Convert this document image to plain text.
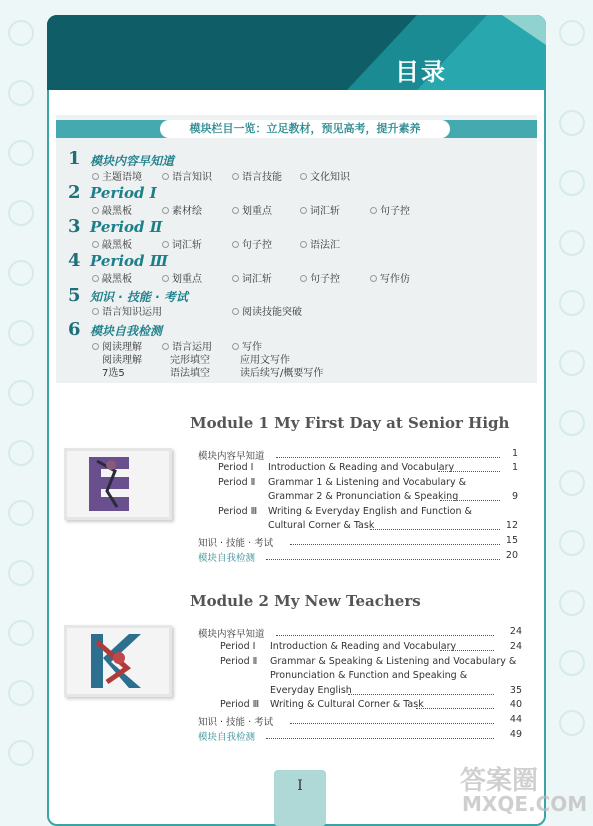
目录
模块栏目一览：立足教材，预见高考，提升素养
1 模块内容早知道
主题语境	语言知识	语言技能	文化知识
2 Period Ⅰ
敲黑板	素材绘	划重点	词汇斩	句子控
3 Period Ⅱ
敲黑板	词汇斩	句子控	语法汇
4 Period Ⅲ
敲黑板	划重点	词汇斩	句子控	写作仿
5 知识 · 技能 · 考试
语言知识运用	阅读技能突破
6 模块自我检测
阅读理解	语言运用	写作
阅读理解	完形填空	应用文写作
7选5	语法填空	读后续写/概要写作
Module 1 My First Day at Senior High
模块内容早知道	1
Period Ⅰ Introduction & Reading and Vocabulary	1
Period Ⅱ Grammar 1 & Listening and Vocabulary &
Grammar 2 & Pronunciation & Speaking	9
Period Ⅲ Writing & Everyday English and Function &
Cultural Corner & Task	12
知识 · 技能 · 考试	15
模块自我检测	20
Module 2 My New Teachers
模块内容早知道	24
Period Ⅰ Introduction & Reading and Vocabulary	24
Period Ⅱ Grammar & Speaking & Listening and Vocabulary &
Pronunciation & Function and Speaking &
Everyday English	35
Period Ⅲ Writing & Cultural Corner & Task	40
知识 · 技能 · 考试	44
模块自我检测	49
I	答案圈
MXQE.COM
